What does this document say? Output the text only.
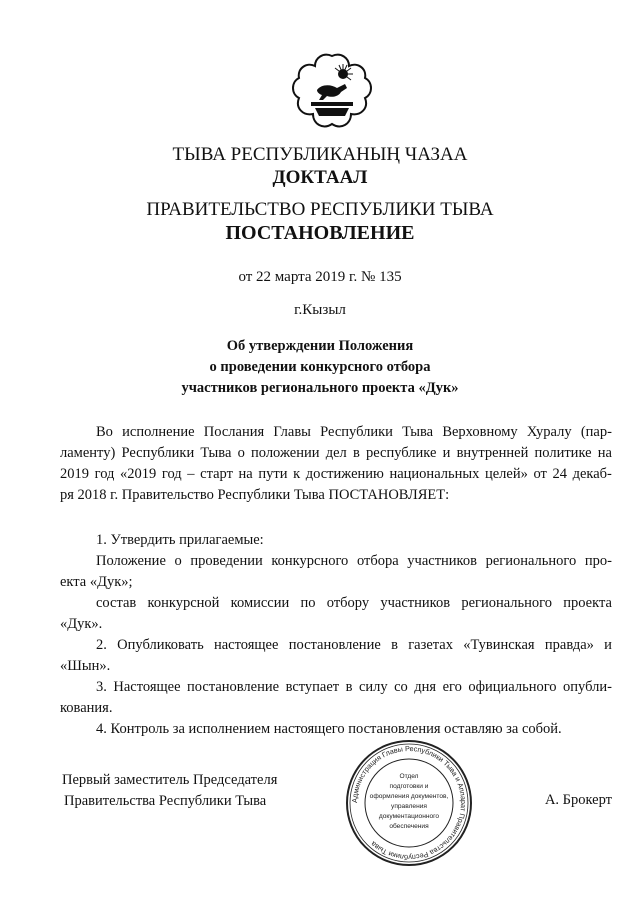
ТЫВА РЕСПУБЛИКАНЫҢ ЧАЗАА
ДОКТААЛ
ПРАВИТЕЛЬСТВО РЕСПУБЛИКИ ТЫВА
ПОСТАНОВЛЕНИЕ
от 22 марта 2019 г. № 135
г.Кызыл
Об утверждении Положения
о проведении конкурсного отбора
участников регионального проекта «Дук»
Во исполнение Послания Главы Республики Тыва Верховному Хуралу (пар-
ламенту) Республики Тыва о положении дел в республике и внутренней политике на
2019 год «2019 год – старт на пути к достижению национальных целей» от 24 декаб-
ря 2018 г. Правительство Республики Тыва ПОСТАНОВЛЯЕТ:
1. Утвердить прилагаемые:
Положение о проведении конкурсного отбора участников регионального про-
екта «Дук»;
состав конкурсной комиссии по отбору участников регионального проекта
«Дук».
2. Опубликовать настоящее постановление в газетах «Тувинская правда» и
«Шын».
3. Настоящее постановление вступает в силу со дня его официального опубли-
кования.
4. Контроль за исполнением настоящего постановления оставляю за собой.
Первый заместитель Председателя
Правительства Республики Тыва	А. Брокерт
Администрация Главы Республики Тыва и Аппарат Правительства Республики Тыва
Отдел
подготовки и
оформления документов,
управления
документационного
обеспечения
